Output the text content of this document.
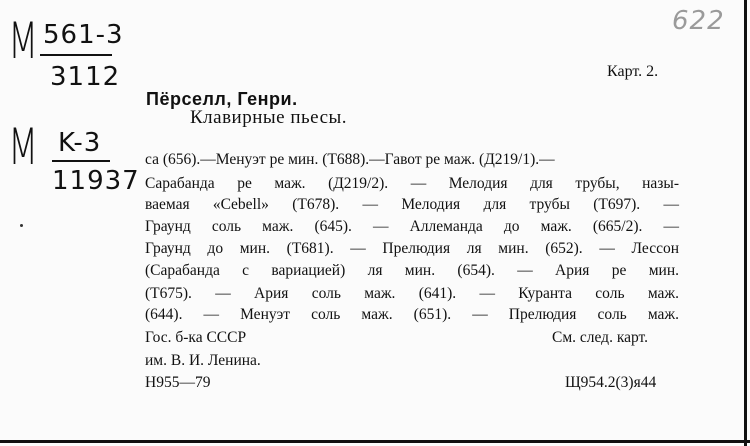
M 561-3
3112
M K-3
11937
622
Карт. 2.
Пёрселл, Генри.
Клавирные пьесы.
са (656).—Менуэт ре мин. (Т688).—Гавот ре маж. (Д219/1).—
Сарабанда ре маж. (Д219/2). — Мелодия для трубы, назы-
ваемая «Cebell» (Т678). — Мелодия для трубы (Т697). —
Граунд соль маж. (645). — Аллеманда до маж. (665/2). —
Граунд до мин. (Т681). — Прелюдия ля мин. (652). — Лессон
(Сарабанда с вариацией) ля мин. (654). — Ария ре мин.
(Т675). — Ария соль маж. (641). — Куранта соль маж.
(644). — Менуэт соль маж. (651). — Прелюдия соль маж.
Гос. б-ка СССР	См. след. карт.
им. В. И. Ленина.
Н955—79	Щ954.2(3)я44
